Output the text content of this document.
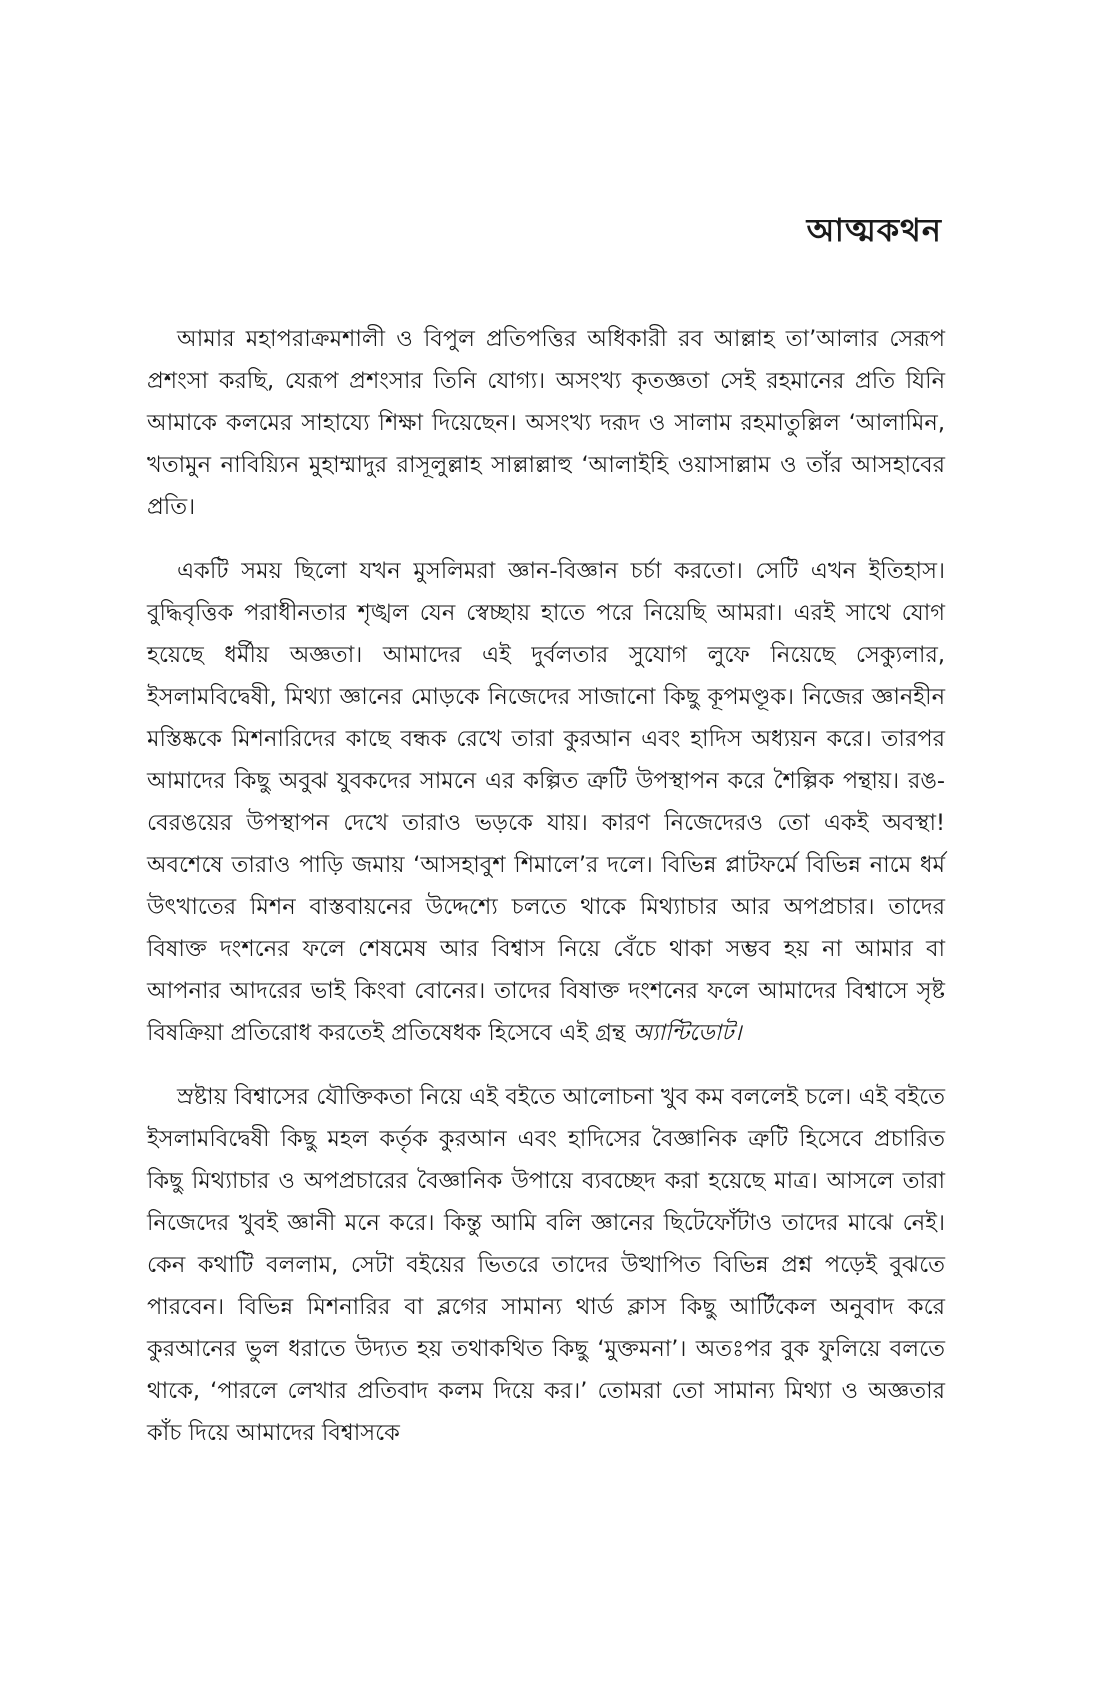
আত্মকথন

আমার মহাপরাক্রমশালী ও বিপুল প্রতিপত্তির অধিকারী রব আল্লাহ তা’আলার সেরূপ প্রশংসা করছি, যেরূপ প্রশংসার তিনি যোগ্য। অসংখ্য কৃতজ্ঞতা সেই রহমানের প্রতি যিনি আমাকে কলমের সাহায্যে শিক্ষা দিয়েছেন। অসংখ্য দরূদ ও সালাম রহমাতুল্লিল ‘আলামিন, খতামুন নাবিয়্যিন মুহাম্মাদুর রাসূলুল্লাহ সাল্লাল্লাহু ‘আলাইহি ওয়াসাল্লাম ও তাঁর আসহাবের প্রতি।

একটি সময় ছিলো যখন মুসলিমরা জ্ঞান-বিজ্ঞান চর্চা করতো। সেটি এখন ইতিহাস। বুদ্ধিবৃত্তিক পরাধীনতার শৃঙ্খল যেন স্বেচ্ছায় হাতে পরে নিয়েছি আমরা। এরই সাথে যোগ হয়েছে ধর্মীয় অজ্ঞতা। আমাদের এই দুর্বলতার সুযোগ লুফে নিয়েছে সেক্যুলার, ইসলামবিদ্বেষী, মিথ্যা জ্ঞানের মোড়কে নিজেদের সাজানো কিছু কূপমণ্ডূক। নিজের জ্ঞানহীন মস্তিষ্ককে মিশনারিদের কাছে বন্ধক রেখে তারা কুরআন এবং হাদিস অধ্যয়ন করে। তারপর আমাদের কিছু অবুঝ যুবকদের সামনে এর কল্পিত ত্রুটি উপস্থাপন করে শৈল্পিক পন্থায়। রঙ-বেরঙয়ের উপস্থাপন দেখে তারাও ভড়কে যায়। কারণ নিজেদেরও তো একই অবস্থা! অবশেষে তারাও পাড়ি জমায় ‘আসহাবুশ শিমালে’র দলে। বিভিন্ন প্লাটফর্মে বিভিন্ন নামে ধর্ম উৎখাতের মিশন বাস্তবায়নের উদ্দেশ্যে চলতে থাকে মিথ্যাচার আর অপপ্রচার। তাদের বিষাক্ত দংশনের ফলে শেষমেষ আর বিশ্বাস নিয়ে বেঁচে থাকা সম্ভব হয় না আমার বা আপনার আদরের ভাই কিংবা বোনের। তাদের বিষাক্ত দংশনের ফলে আমাদের বিশ্বাসে সৃষ্ট বিষক্রিয়া প্রতিরোধ করতেই প্রতিষেধক হিসেবে এই গ্রন্থ অ্যান্টিডোট।

স্রষ্টায় বিশ্বাসের যৌক্তিকতা নিয়ে এই বইতে আলোচনা খুব কম বললেই চলে। এই বইতে ইসলামবিদ্বেষী কিছু মহল কর্তৃক কুরআন এবং হাদিসের বৈজ্ঞানিক ত্রুটি হিসেবে প্রচারিত কিছু মিথ্যাচার ও অপপ্রচারের বৈজ্ঞানিক উপায়ে ব্যবচ্ছেদ করা হয়েছে মাত্র। আসলে তারা নিজেদের খুবই জ্ঞানী মনে করে। কিন্তু আমি বলি জ্ঞানের ছিটেফোঁটাও তাদের মাঝে নেই। কেন কথাটি বললাম, সেটা বইয়ের ভিতরে তাদের উত্থাপিত বিভিন্ন প্রশ্ন পড়েই বুঝতে পারবেন। বিভিন্ন মিশনারির বা ব্লগের সামান্য থার্ড ক্লাস কিছু আর্টিকেল অনুবাদ করে কুরআনের ভুল ধরাতে উদ্যত হয় তথাকথিত কিছু ‘মুক্তমনা’। অতঃপর বুক ফুলিয়ে বলতে থাকে, ‘পারলে লেখার প্রতিবাদ কলম দিয়ে কর।’ তোমরা তো সামান্য মিথ্যা ও অজ্ঞতার কাঁচ দিয়ে আমাদের বিশ্বাসকে
